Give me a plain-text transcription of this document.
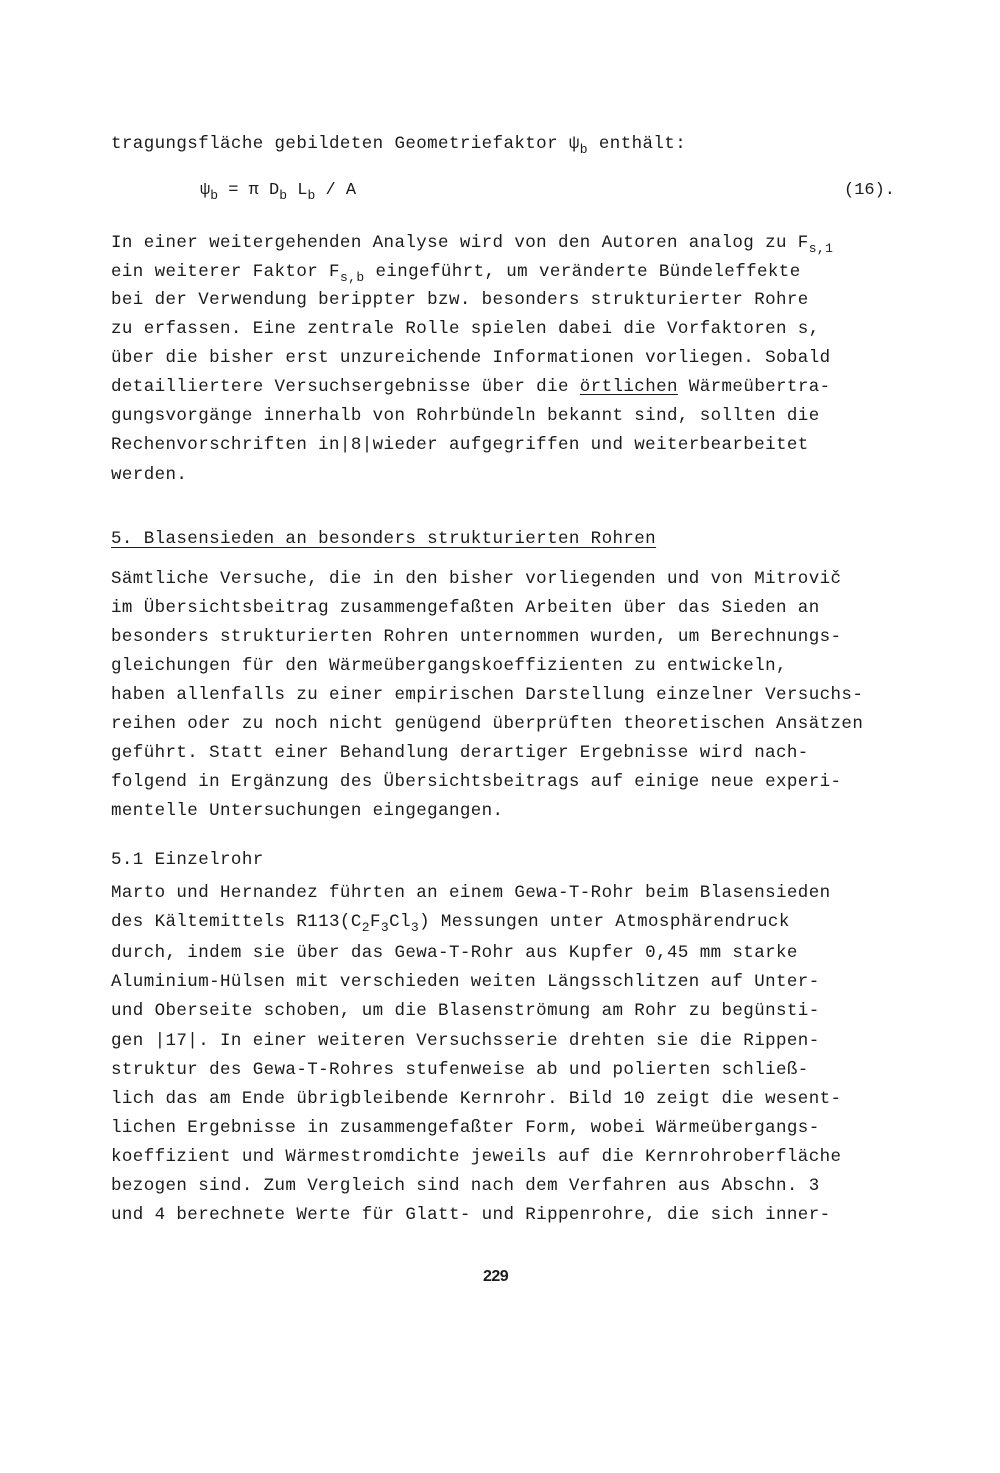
tragungsfläche gebildeten Geometriefaktor $\psi_b$ enthält:
$\psi_b = \pi$ $D_b$ $L_b$ / A	(16).
In einer weitergehenden Analyse wird von den Autoren analog zu $F_{s,1}$
ein weiterer Faktor $F_{s,b}$ eingeführt, um veränderte Bündeleffekte
bei der Verwendung berippter bzw. besonders strukturierter Rohre
zu erfassen. Eine zentrale Rolle spielen dabei die Vorfaktoren s,
über die bisher erst unzureichende Informationen vorliegen. Sobald
detailliertere Versuchsergebnisse über die örtlichen Wärmeübertra-
gungsvorgänge innerhalb von Rohrbündeln bekannt sind, sollten die
Rechenvorschriften in|8|wieder aufgegriffen und weiterbearbeitet
werden.
5. Blasensieden an besonders strukturierten Rohren
Sämtliche Versuche, die in den bisher vorliegenden und von Mitrovič
im Übersichtsbeitrag zusammengefaßten Arbeiten über das Sieden an
besonders strukturierten Rohren unternommen wurden, um Berechnungs-
gleichungen für den Wärmeübergangskoeffizienten zu entwickeln,
haben allenfalls zu einer empirischen Darstellung einzelner Versuchs-
reihen oder zu noch nicht genügend überprüften theoretischen Ansätzen
geführt. Statt einer Behandlung derartiger Ergebnisse wird nach-
folgend in Ergänzung des Übersichtsbeitrags auf einige neue experi-
mentelle Untersuchungen eingegangen.
5.1 Einzelrohr
Marto und Hernandez führten an einem Gewa-T-Rohr beim Blasensieden
des Kältemittels $R113(C_2F_3Cl_3)$ Messungen unter Atmosphärendruck
durch, indem sie über das Gewa-T-Rohr aus Kupfer 0,45 mm starke
Aluminium-Hülsen mit verschieden weiten Längsschlitzen auf Unter-
und Oberseite schoben, um die Blasenströmung am Rohr zu begünsti-
gen |17|. In einer weiteren Versuchsserie drehten sie die Rippen-
struktur des Gewa-T-Rohres stufenweise ab und polierten schließ-
lich das am Ende übrigbleibende Kernrohr. Bild 10 zeigt die wesent-
lichen Ergebnisse in zusammengefaßter Form, wobei Wärmeübergangs-
koeffizient und Wärmestromdichte jeweils auf die Kernrohroberfläche
bezogen sind. Zum Vergleich sind nach dem Verfahren aus Abschn. 3
und 4 berechnete Werte für Glatt- und Rippenrohre, die sich inner-
229
